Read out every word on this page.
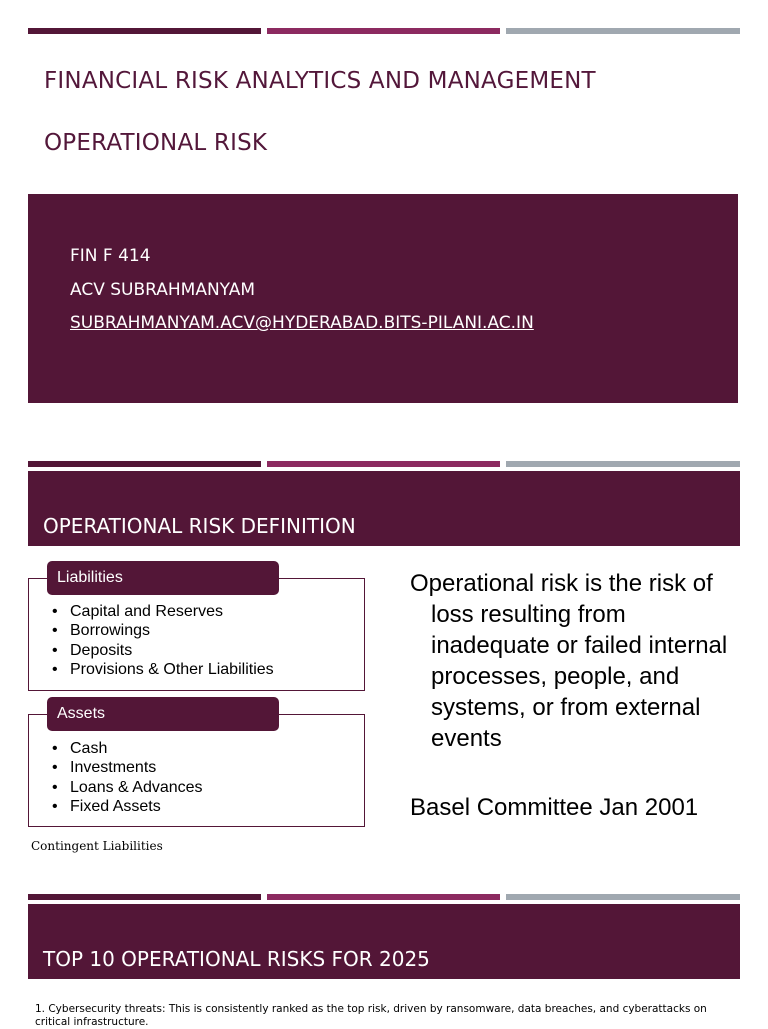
FINANCIAL RISK ANALYTICS AND MANAGEMENT
OPERATIONAL RISK
FIN F 414
ACV SUBRAHMANYAM
SUBRAHMANYAM.ACV@HYDERABAD.BITS-PILANI.AC.IN
OPERATIONAL RISK DEFINITION
Liabilities
• Capital and Reserves
• Borrowings
• Deposits
• Provisions & Other Liabilities
Assets
• Cash
• Investments
• Loans & Advances
• Fixed Assets
Contingent Liabilities

Operational risk is the risk of loss resulting from inadequate or failed internal processes, people, and systems, or from external events

Basel Committee Jan 2001

TOP 10 OPERATIONAL RISKS FOR 2025
1. Cybersecurity threats: This is consistently ranked as the top risk, driven by ransomware, data breaches, and cyberattacks on critical infrastructure.
